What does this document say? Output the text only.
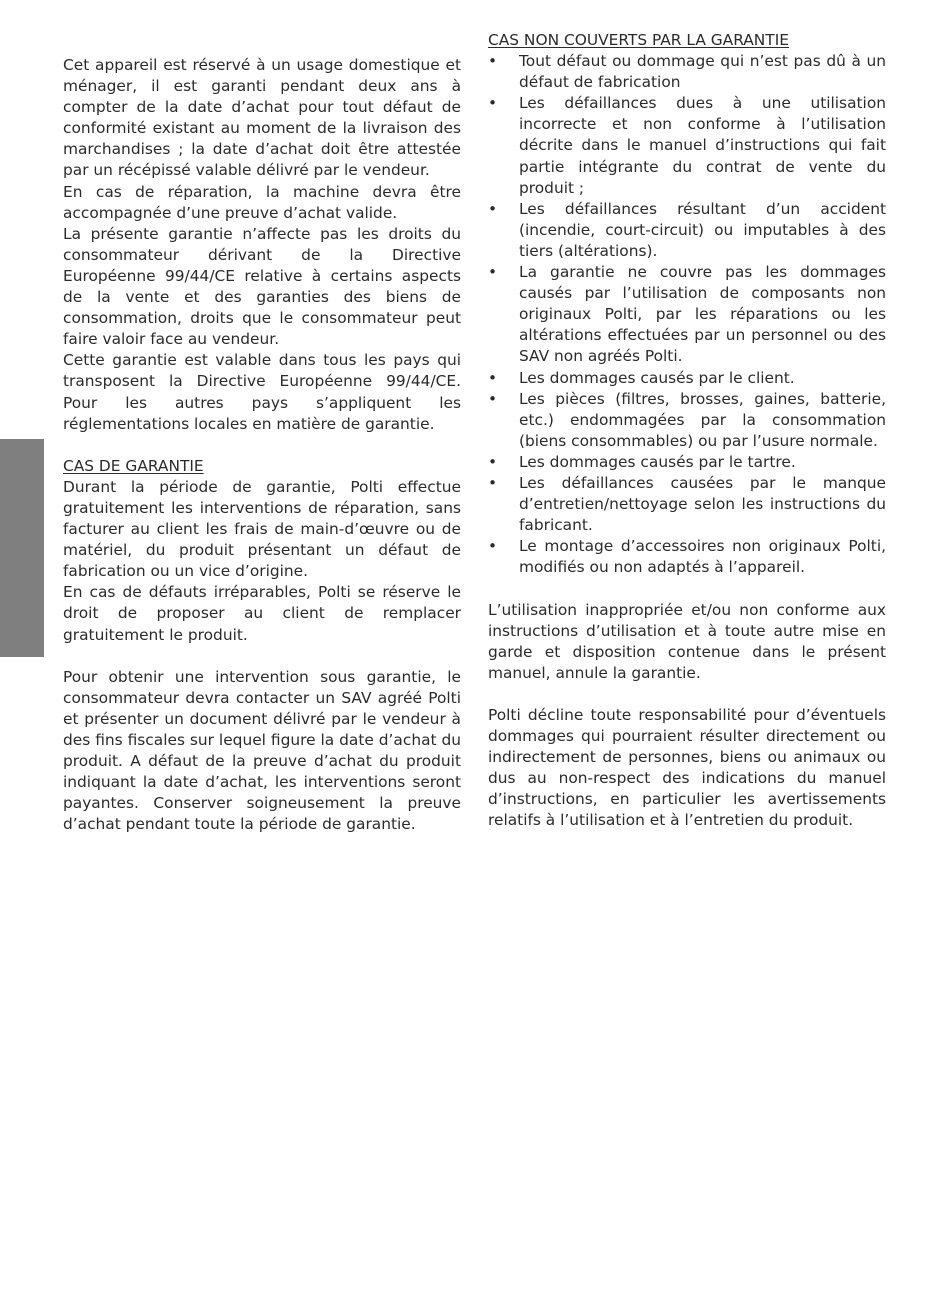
Cet appareil est réservé à un usage domestique et ménager, il est garanti pendant deux ans à compter de la date d’achat pour tout défaut de conformité existant au moment de la livraison des marchandises ; la date d’achat doit être attestée par un récépissé valable délivré par le vendeur.

En cas de réparation, la machine devra être accompagnée d’une preuve d’achat valide.

La présente garantie n’affecte pas les droits du consommateur dérivant de la Directive Européenne 99/44/CE relative à certains aspects de la vente et des garanties des biens de consommation, droits que le consommateur peut faire valoir face au vendeur.

Cette garantie est valable dans tous les pays qui transposent la Directive Européenne 99/44/CE. Pour les autres pays s’appliquent les réglementations locales en matière de garantie.

CAS DE GARANTIE

Durant la période de garantie, Polti effectue gratuitement les interventions de réparation, sans facturer au client les frais de main-d’œuvre ou de matériel, du produit présentant un défaut de fabrication ou un vice d’origine.

En cas de défauts irréparables, Polti se réserve le droit de proposer au client de remplacer gratuitement le produit.

Pour obtenir une intervention sous garantie, le consommateur devra contacter un SAV agréé Polti et présenter un document délivré par le vendeur à des fins fiscales sur lequel figure la date d’achat du produit. A défaut de la preuve d’achat du produit indiquant la date d’achat, les interventions seront payantes. Conserver soigneusement la preuve d’achat pendant toute la période de garantie.

CAS NON COUVERTS PAR LA GARANTIE

• Tout défaut ou dommage qui n’est pas dû à un défaut de fabrication
• Les défaillances dues à une utilisation incorrecte et non conforme à l’utilisation décrite dans le manuel d’instructions qui fait partie intégrante du contrat de vente du produit ;
• Les défaillances résultant d’un accident (incendie, court-circuit) ou imputables à des tiers (altérations).
• La garantie ne couvre pas les dommages causés par l’utilisation de composants non originaux Polti, par les réparations ou les altérations effectuées par un personnel ou des SAV non agréés Polti.
• Les dommages causés par le client.
• Les pièces (filtres, brosses, gaines, batterie, etc.) endommagées par la consommation (biens consommables) ou par l’usure normale.
• Les dommages causés par le tartre.
• Les défaillances causées par le manque d’entretien/nettoyage selon les instructions du fabricant.
• Le montage d’accessoires non originaux Polti, modifiés ou non adaptés à l’appareil.

L’utilisation inappropriée et/ou non conforme aux instructions d’utilisation et à toute autre mise en garde et disposition contenue dans le présent manuel, annule la garantie.

Polti décline toute responsabilité pour d’éventuels dommages qui pourraient résulter directement ou indirectement de personnes, biens ou animaux ou dus au non-respect des indications du manuel d’instructions, en particulier les avertissements relatifs à l’utilisation et à l’entretien du produit.
